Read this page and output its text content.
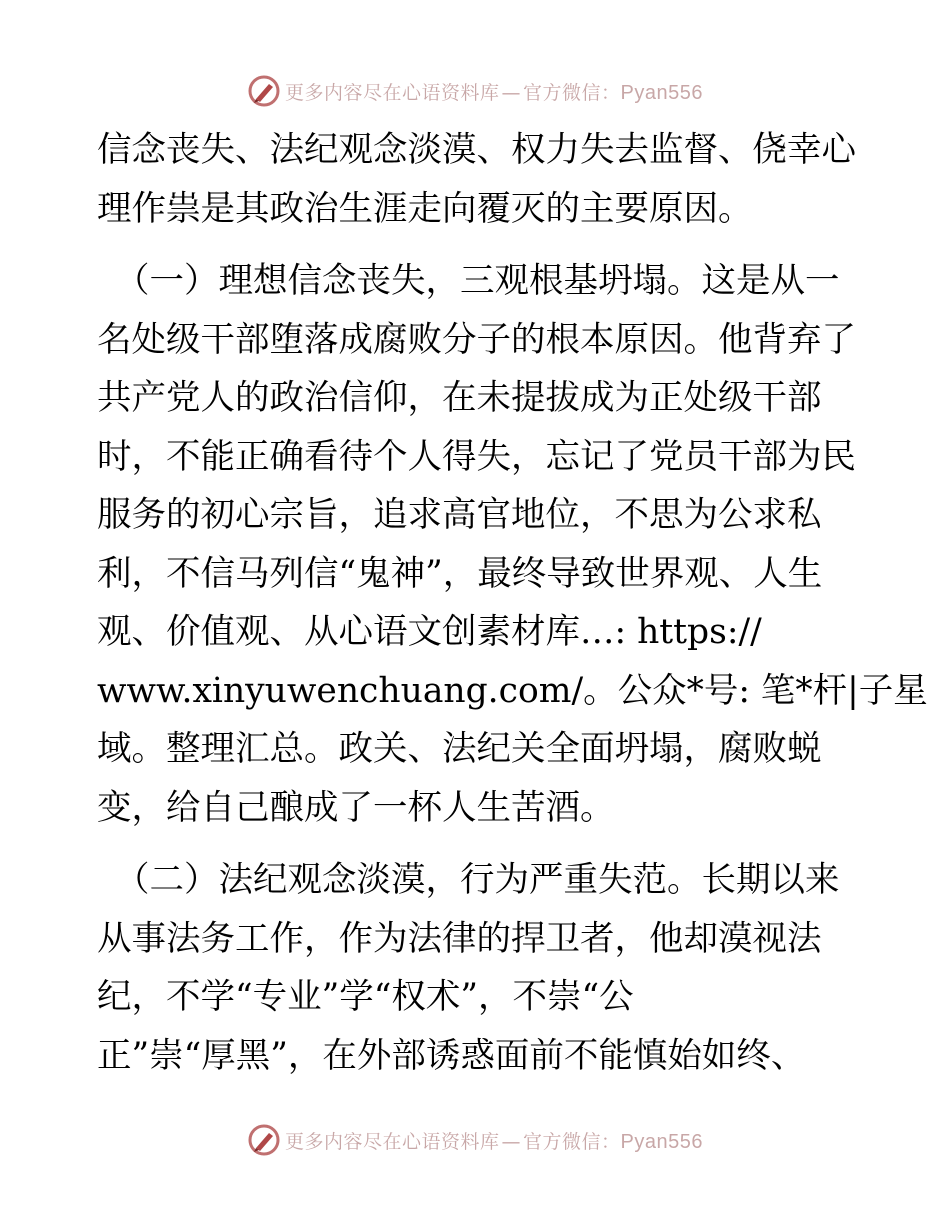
更多内容尽在心语资料库 — 官方微信：Pyan556
信念丧失、法纪观念淡漠、权力失去监督、侥幸心
理作祟是其政治生涯走向覆灭的主要原因。
（一）理想信念丧失，三观根基坍塌。这是从一
名处级干部堕落成腐败分子的根本原因。他背弃了
共产党人的政治信仰，在未提拔成为正处级干部
时，不能正确看待个人得失，忘记了党员干部为民
服务的初心宗旨，追求高官地位，不思为公求私
利，不信马列信“鬼神”，最终导致世界观、人生
观、价值观、从心语文创素材库…: https://
www.xinyuwenchuang.com/。公众*号: 笔*杆|子星
域。整理汇总。政关、法纪关全面坍塌，腐败蜕
变，给自己酿成了一杯人生苦酒。
（二）法纪观念淡漠，行为严重失范。长期以来
从事法务工作，作为法律的捍卫者，他却漠视法
纪，不学“专业”学“权术”，不崇“公
正”崇“厚黑”，在外部诱惑面前不能慎始如终、
更多内容尽在心语资料库 — 官方微信：Pyan556
